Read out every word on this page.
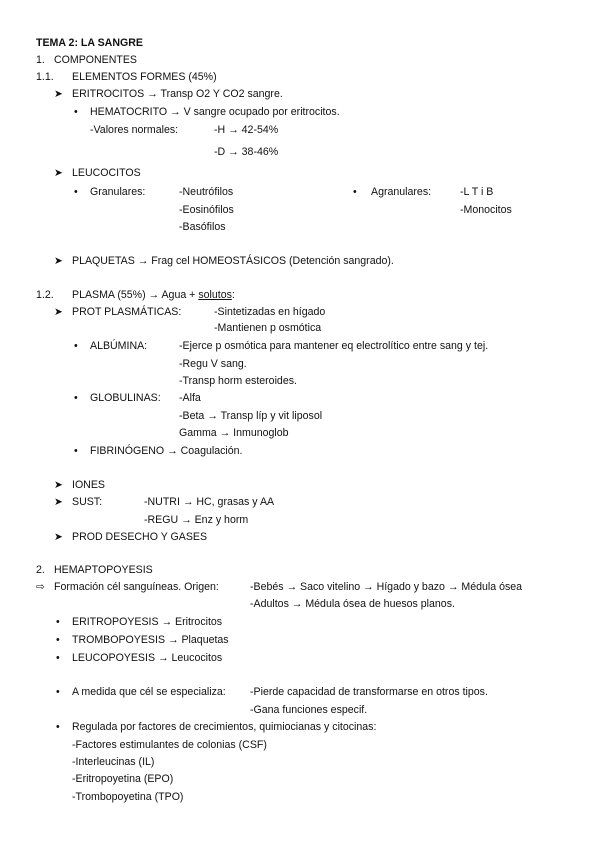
TEMA 2: LA SANGRE
1. COMPONENTES
1.1. ELEMENTOS FORMES (45%)
➤ ERITROCITOS → Transp O2 Y CO2 sangre.
• HEMATOCRITO → V sangre ocupado por eritrocitos.
-Valores normales:	-H → 42-54%
-D → 38-46%
➤ LEUCOCITOS
• Granulares:	-Neutrófilos
-Eosinófilos
-Basófilos
• Agranulares:	-L T i B
-Monocitos
➤ PLAQUETAS → Frag cel HOMEOSTÁSICOS (Detención sangrado).
1.2. PLASMA (55%) → Agua + solutos:
➤ PROT PLASMÁTICAS:	-Sintetizadas en hígado
-Mantienen p osmótica
• ALBÚMINA:	-Ejerce p osmótica para mantener eq electrolítico entre sang y tej.
-Regu V sang.
-Transp horm esteroides.
• GLOBULINAS: -Alfa
-Beta → Transp líp y vit liposol
Gamma → Inmunoglob
• FIBRINÓGENO → Coagulación.
➤ IONES
➤ SUST:	-NUTRI → HC, grasas y AA
-REGU → Enz y horm
➤ PROD DESECHO Y GASES
2. HEMAPTOPOYESIS
⇨ Formación cél sanguíneas. Origen:	-Bebés → Saco vitelino → Hígado y bazo → Médula ósea
-Adultos → Médula ósea de huesos planos.
• ERITROPOYESIS → Eritrocitos
• TROMBOPOYESIS → Plaquetas
• LEUCOPOYESIS → Leucocitos
• A medida que cél se especializa: -Pierde capacidad de transformarse en otros tipos.
-Gana funciones especif.
• Regulada por factores de crecimientos, quimiocianas y citocinas:
-Factores estimulantes de colonias (CSF)
-Interleucinas (IL)
-Eritropoyetina (EPO)
-Trombopoyetina (TPO)
